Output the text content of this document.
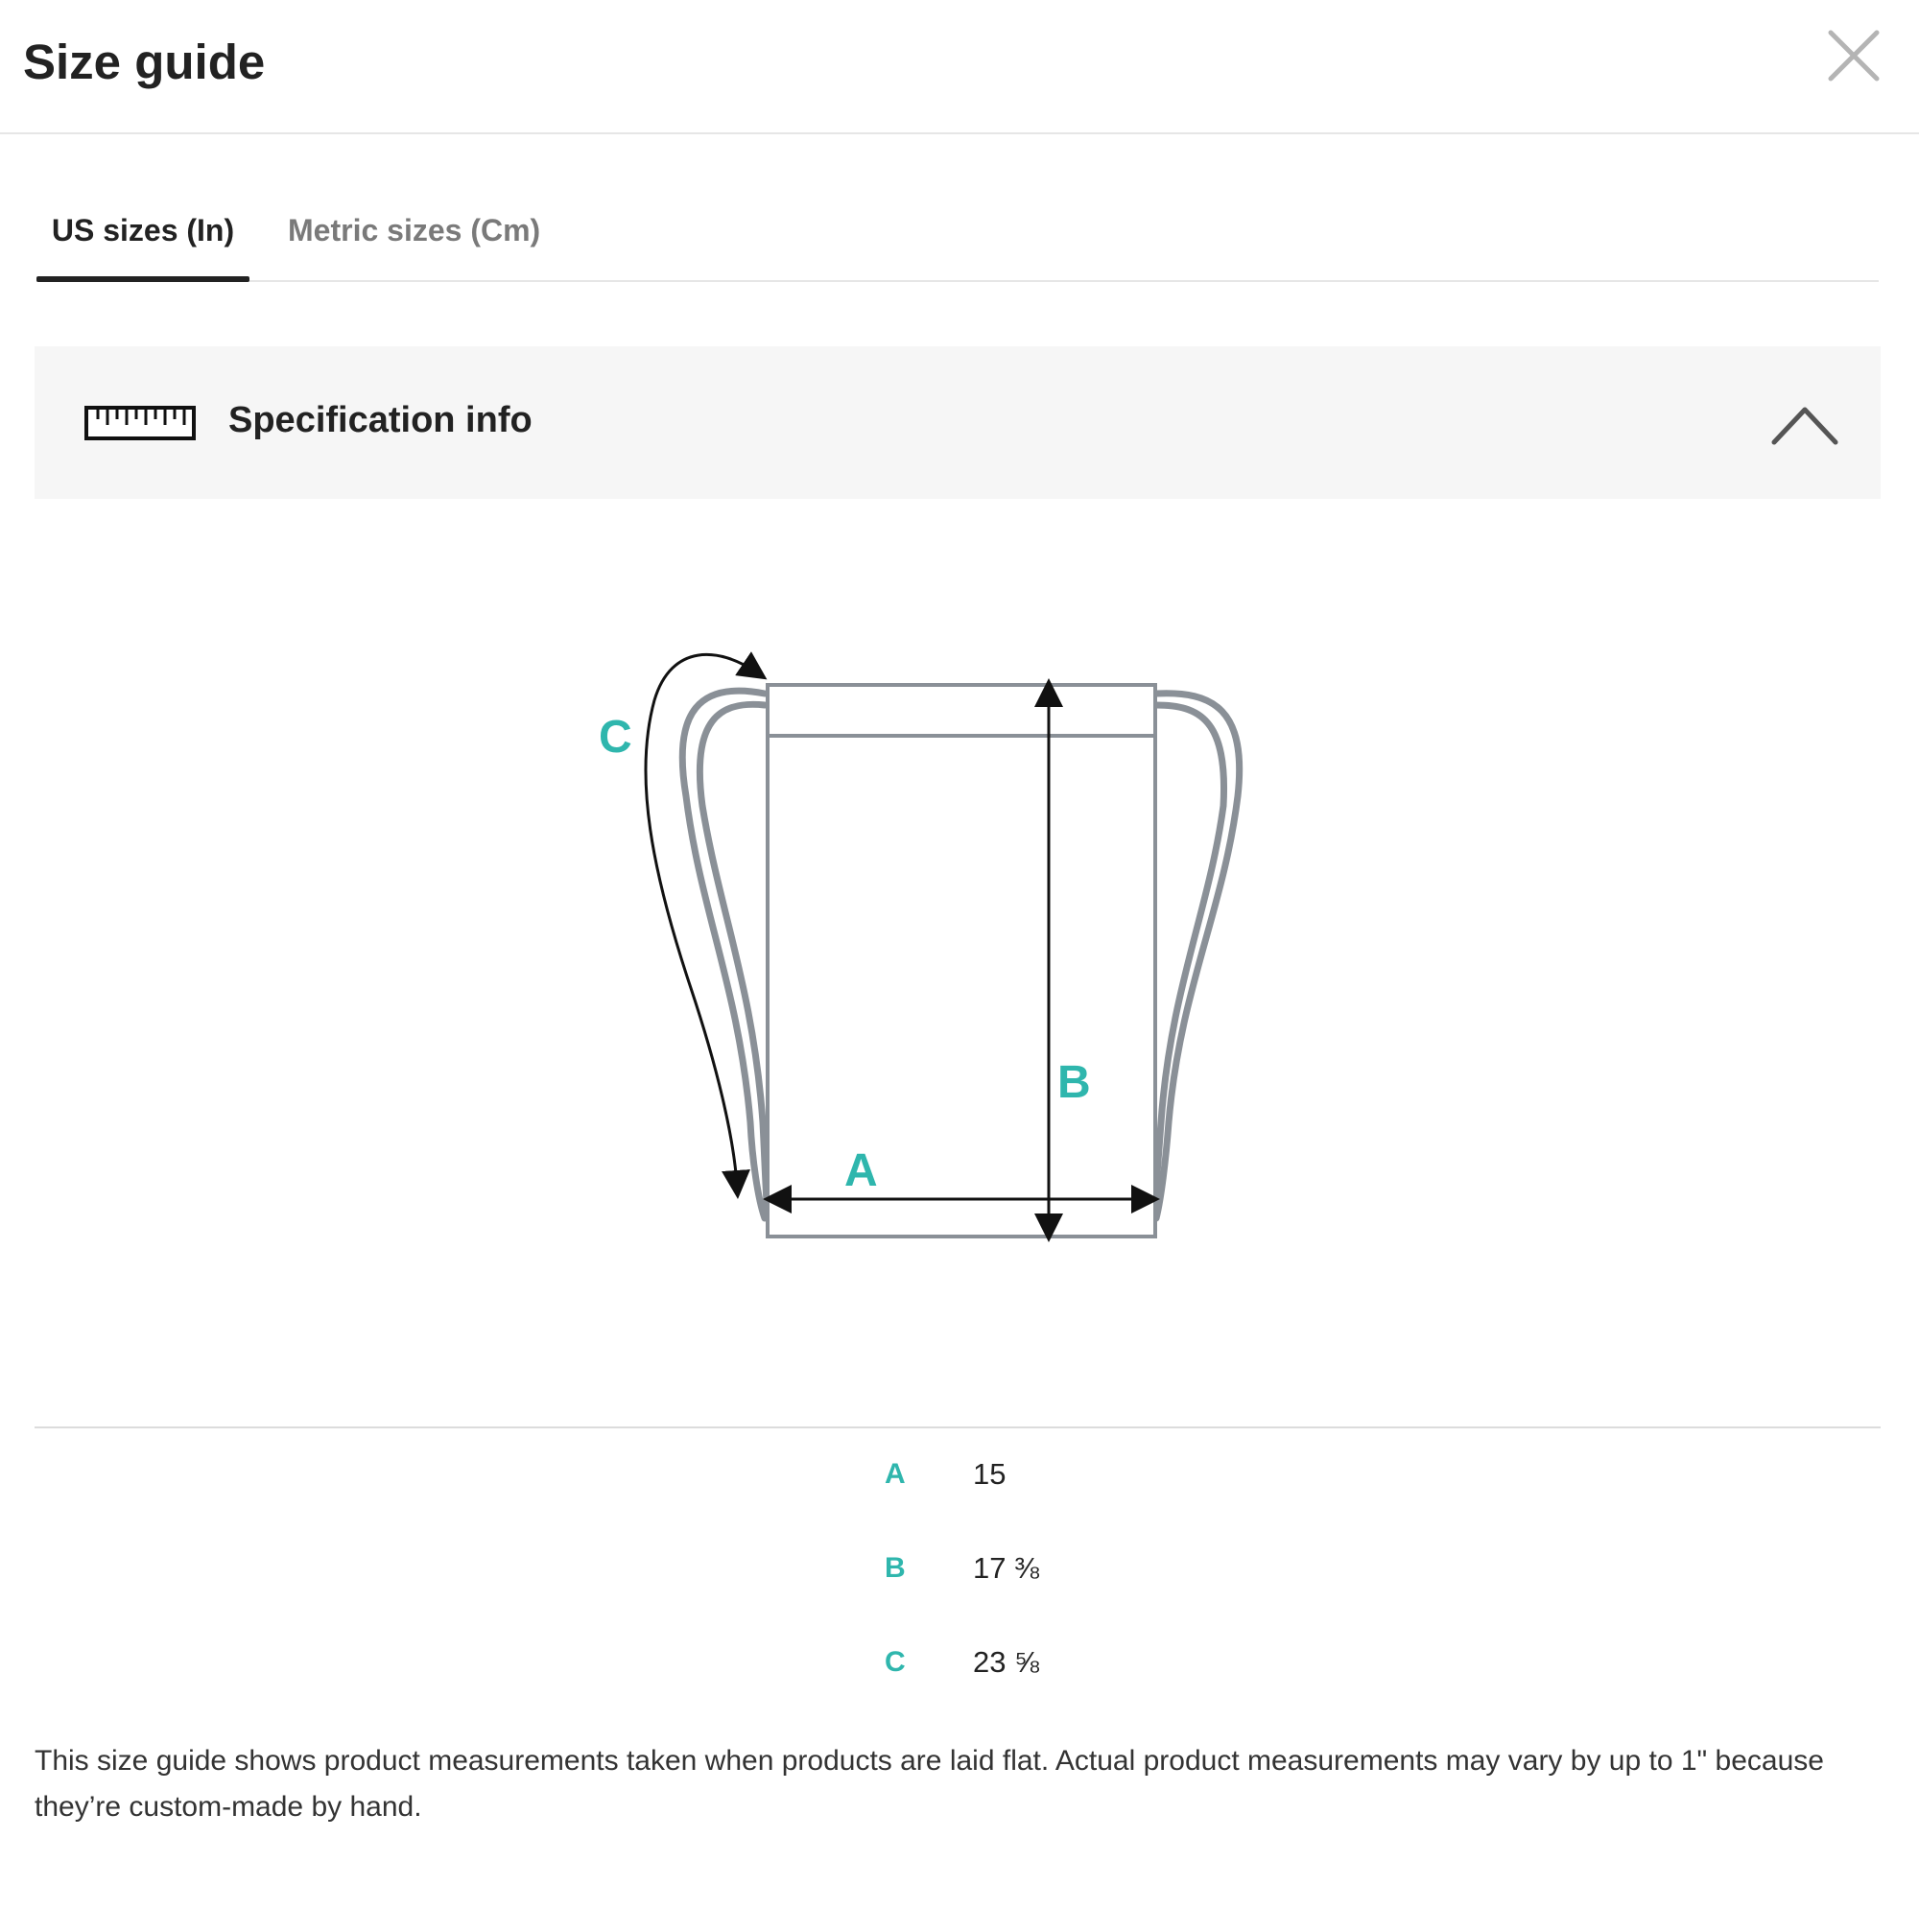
Size guide
US sizes (In)	Metric sizes (Cm)
Specification info
A
B
C
A 15
B 17 ⅜
C 23 ⅝
This size guide shows product measurements taken when products are laid flat. Actual product measurements may vary by up to 1" because they’re custom-made by hand.
